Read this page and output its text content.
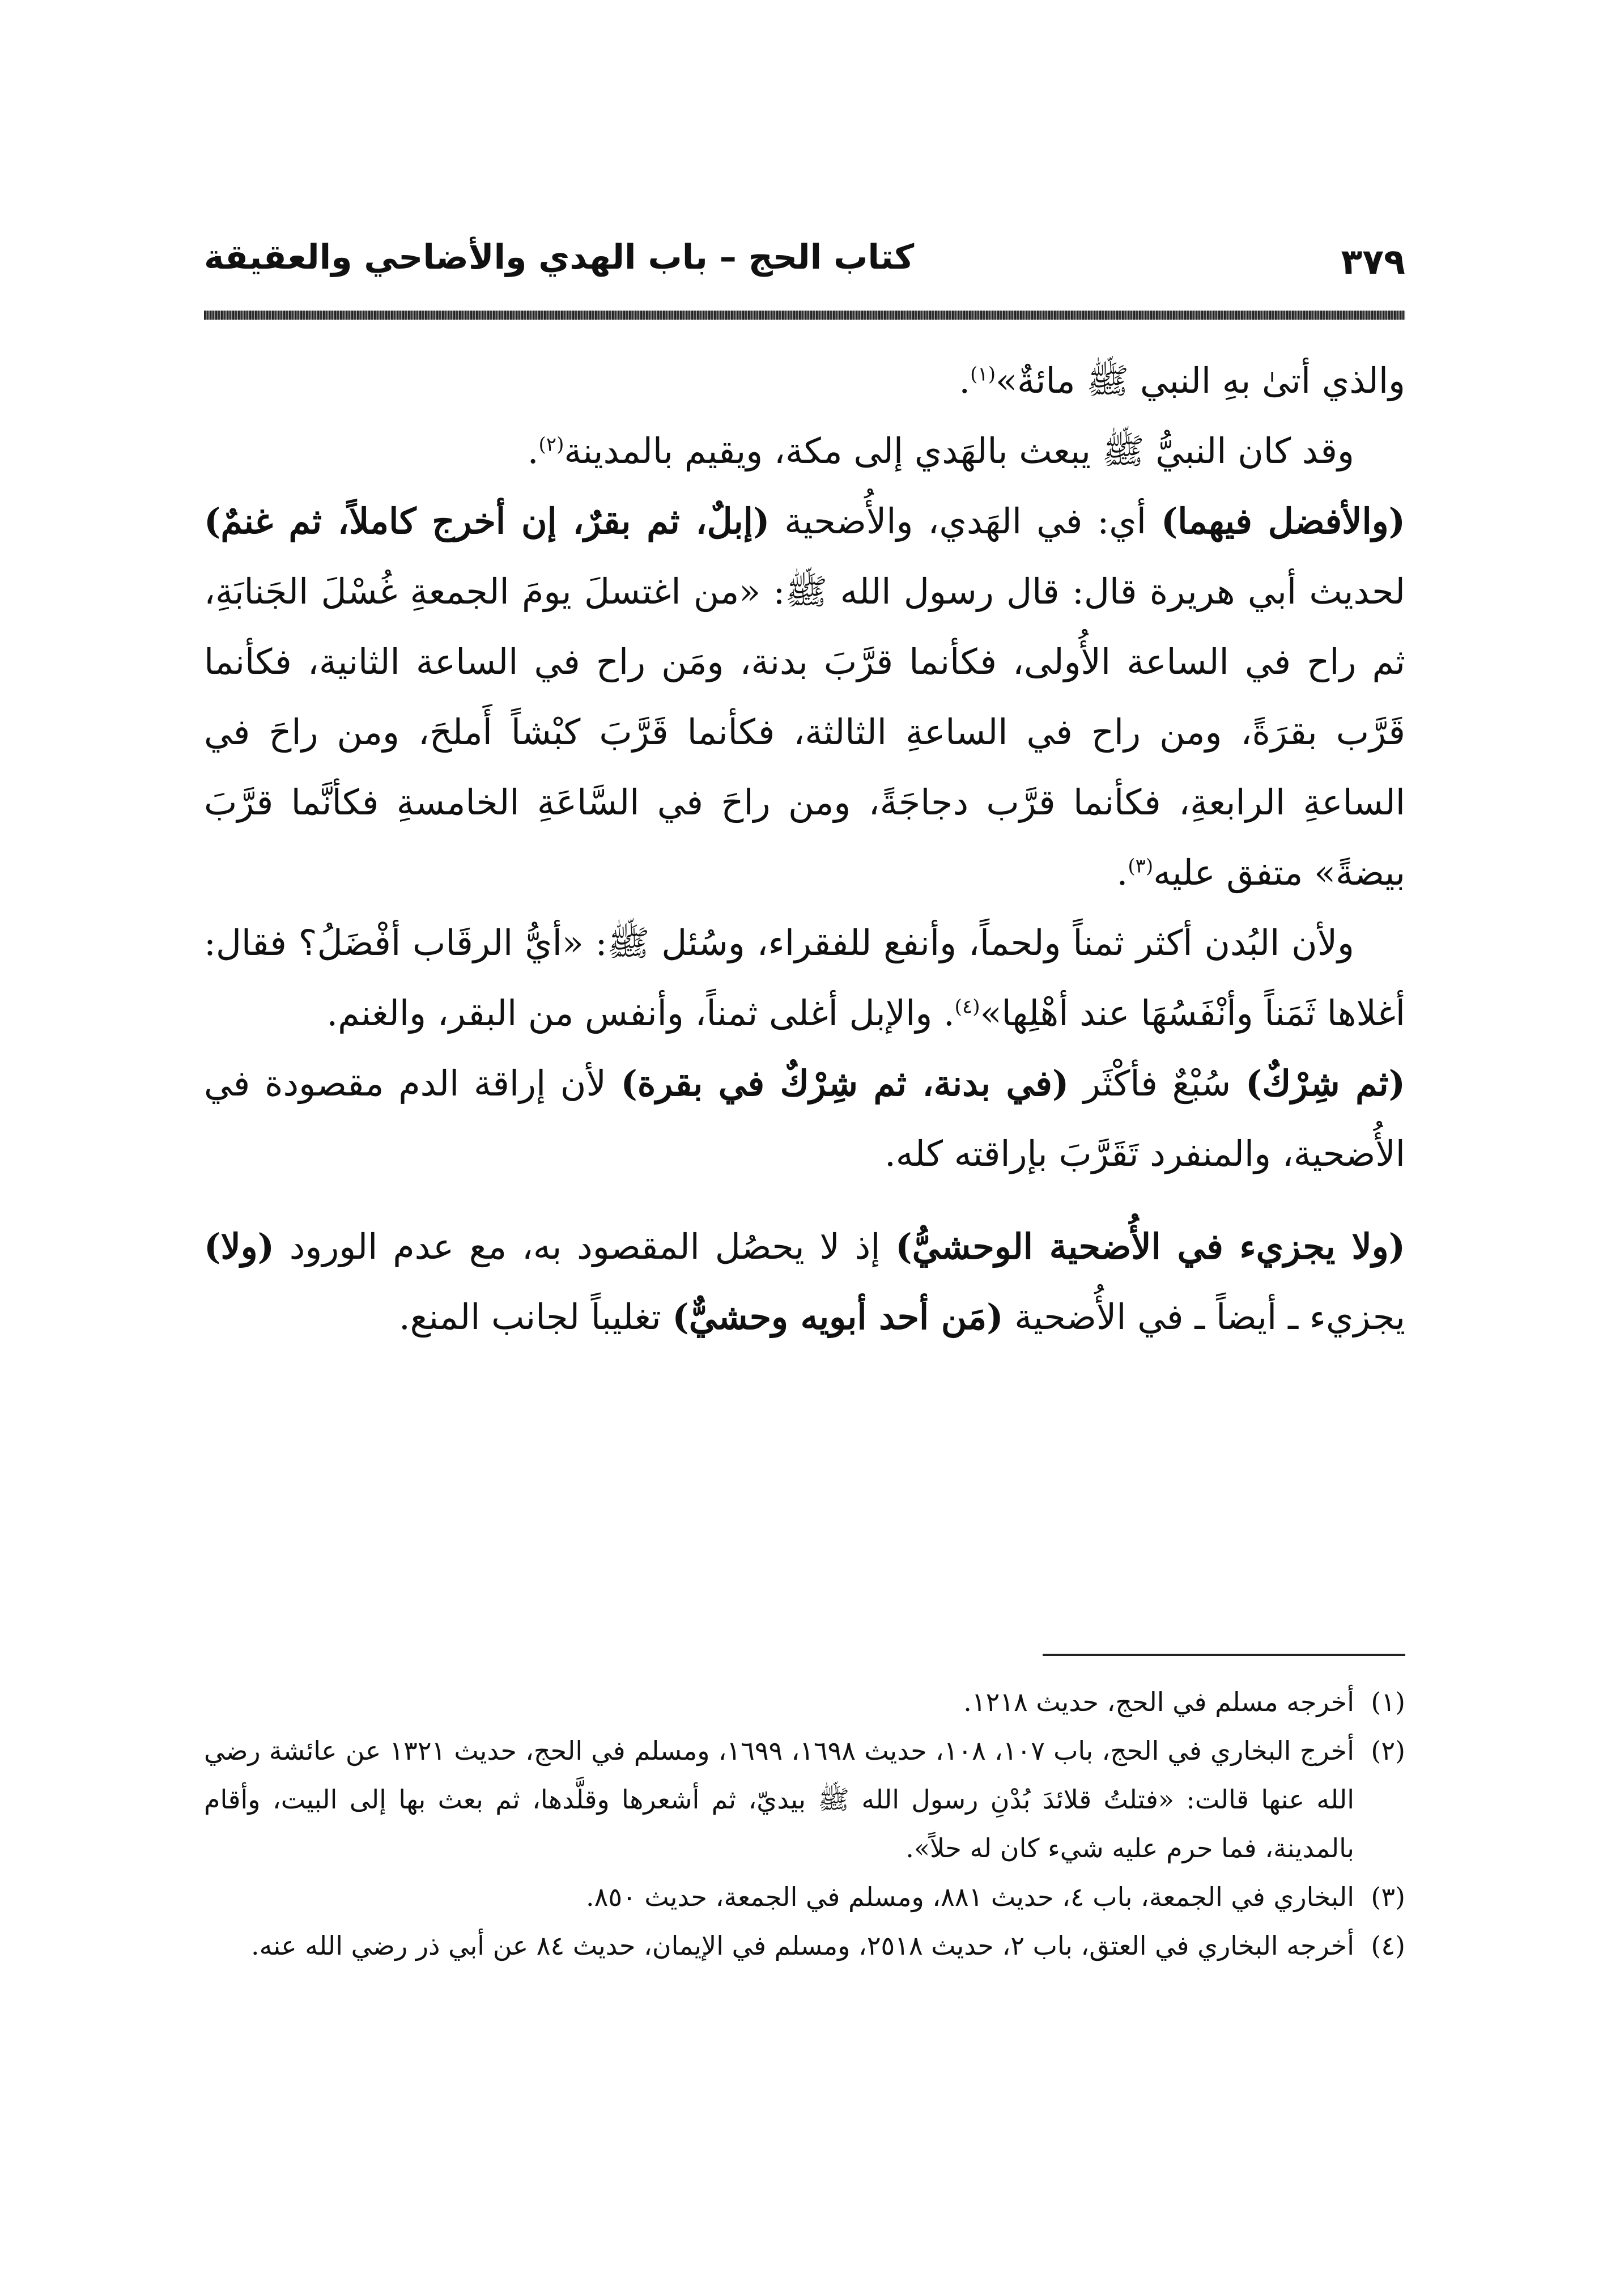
٣٧٩
كتاب الحج – باب الهدي والأضاحي والعقيقة

والذي أتىٰ بهِ النبي ﷺ مائةٌ»$^{(١)}$.

وقد كان النبيُّ ﷺ يبعث بالهَدي إلى مكة، ويقيم بالمدينة$^{(٢)}$.

(والأفضل فيهما) أي: في الهَدي، والأُضحية (إبلٌ، ثم بقرٌ، إن أخرج كاملاً، ثم غنمٌ) لحديث أبي هريرة قال: قال رسول الله ﷺ: «من اغتسلَ يومَ الجمعةِ غُسْلَ الجَنابَةِ، ثم راح في الساعة الأُولى، فكأنما قرَّبَ بدنة، ومَن راح في الساعة الثانية، فكأنما قَرَّب بقرَةً، ومن راح في الساعةِ الثالثة، فكأنما قَرَّبَ كبْشاً أَملحَ، ومن راحَ في الساعةِ الرابعةِ، فكأنما قرَّب دجاجَةً، ومن راحَ في السَّاعَةِ الخامسةِ فكأنَّما قرَّبَ بيضةً» متفق عليه$^{(٣)}$.

ولأن البُدن أكثر ثمناً ولحماً، وأنفع للفقراء، وسُئل ﷺ: «أيُّ الرقَاب أفْضَلُ؟ فقال: أغلاها ثَمَناً وأنْفَسُهَا عند أهْلِها»$^{(٤)}$. والإبل أغلى ثمناً، وأنفس من البقر، والغنم.

(ثم شِرْكٌ) سُبْعٌ فأكْثَر (في بدنة، ثم شِرْكٌ في بقرة) لأن إراقة الدم مقصودة في الأُضحية، والمنفرد تَقَرَّبَ بإراقته كله.

(ولا يجزيء في الأُضحية الوحشيُّ) إذ لا يحصُل المقصود به، مع عدم الورود (ولا) يجزيء ـ أيضاً ـ في الأُضحية (مَن أحد أبويه وحشيٌّ) تغليباً لجانب المنع.

(١)
أخرجه مسلم في الحج، حديث ١٢١٨.
(٢)
أخرج البخاري في الحج، باب ١٠٧، ١٠٨، حديث ١٦٩٨، ١٦٩٩، ومسلم في الحج، حديث ١٣٢١ عن عائشة رضي الله عنها قالت: «فتلتُ قلائدَ بُدْنِ رسول الله ﷺ بيديّ، ثم أشعرها وقلَّدها، ثم بعث بها إلى البيت، وأقام بالمدينة، فما حرم عليه شيء كان له حلاً».
(٣)
البخاري في الجمعة، باب ٤، حديث ٨٨١، ومسلم في الجمعة، حديث ٨٥٠.
(٤)
أخرجه البخاري في العتق، باب ٢، حديث ٢٥١٨، ومسلم في الإيمان، حديث ٨٤ عن أبي ذر رضي الله عنه.
